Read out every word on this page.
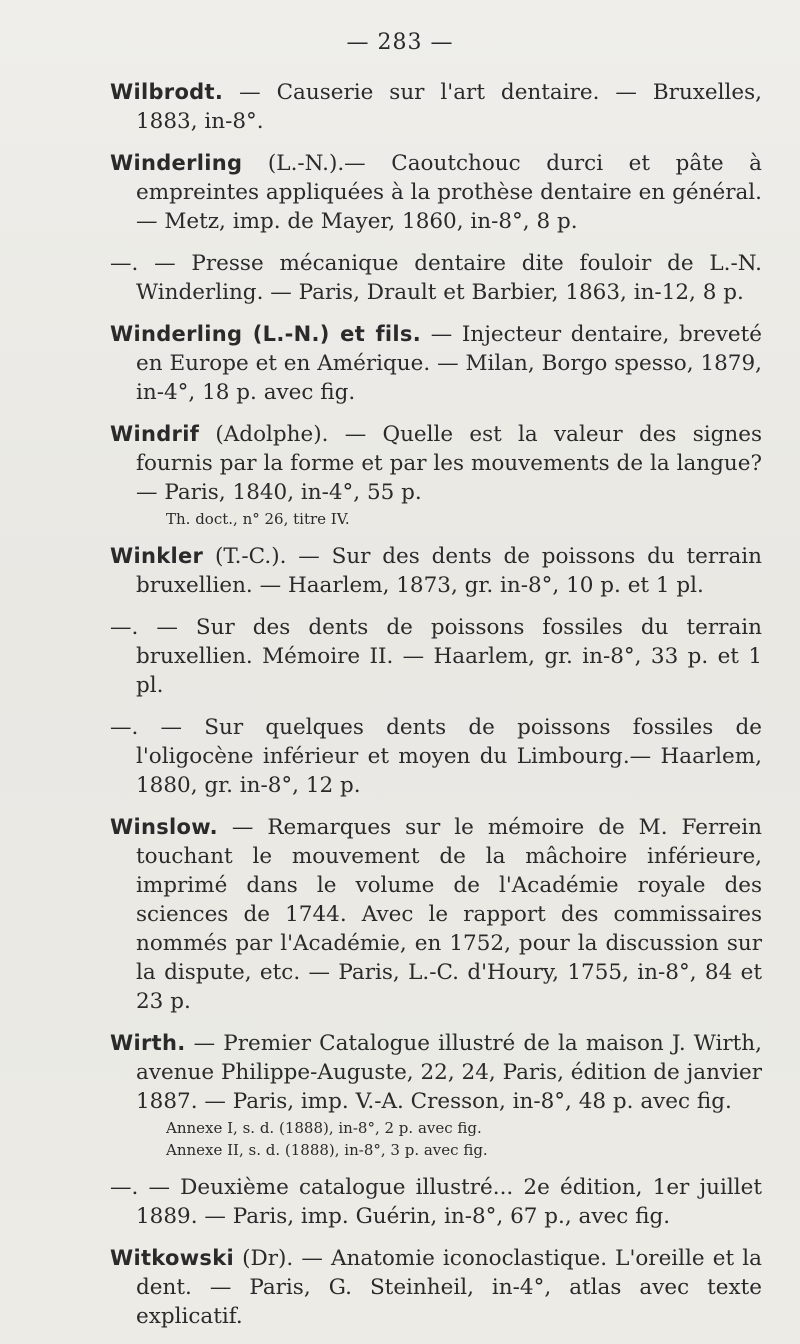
— 283 —
Wilbrodt. — Causerie sur l'art dentaire. — Bruxelles, 1883, in-8°.
Winderling (L.-N.).— Caoutchouc durci et pâte à empreintes appliquées à la prothèse dentaire en général. — Metz, imp. de Mayer, 1860, in-8°, 8 p.
—. — Presse mécanique dentaire dite fouloir de L.-N. Winderling. — Paris, Drault et Barbier, 1863, in-12, 8 p.
Winderling (L.-N.) et fils. — Injecteur dentaire, breveté en Europe et en Amérique. — Milan, Borgo spesso, 1879, in-4°, 18 p. avec fig.
Windrif (Adolphe). — Quelle est la valeur des signes fournis par la forme et par les mouvements de la langue? — Paris, 1840, in-4°, 55 p.
Th. doct., n° 26, titre IV.
Winkler (T.-C.). — Sur des dents de poissons du terrain bruxellien. — Haarlem, 1873, gr. in-8°, 10 p. et 1 pl.
—. — Sur des dents de poissons fossiles du terrain bruxellien. Mémoire II. — Haarlem, gr. in-8°, 33 p. et 1 pl.
—. — Sur quelques dents de poissons fossiles de l'oligocène inférieur et moyen du Limbourg.— Haarlem, 1880, gr. in-8°, 12 p.
Winslow. — Remarques sur le mémoire de M. Ferrein touchant le mouvement de la mâchoire inférieure, imprimé dans le volume de l'Académie royale des sciences de 1744. Avec le rapport des commissaires nommés par l'Académie, en 1752, pour la discussion sur la dispute, etc. — Paris, L.-C. d'Houry, 1755, in-8°, 84 et 23 p.
Wirth. — Premier Catalogue illustré de la maison J. Wirth, avenue Philippe-Auguste, 22, 24, Paris, édition de janvier 1887. — Paris, imp. V.-A. Cresson, in-8°, 48 p. avec fig.
Annexe I, s. d. (1888), in-8°, 2 p. avec fig.
Annexe II, s. d. (1888), in-8°, 3 p. avec fig.
—. — Deuxième catalogue illustré... 2e édition, 1er juillet 1889. — Paris, imp. Guérin, in-8°, 67 p., avec fig.
Witkowski (Dr). — Anatomie iconoclastique. L'oreille et la dent. — Paris, G. Steinheil, in-4°, atlas avec texte explicatif.
